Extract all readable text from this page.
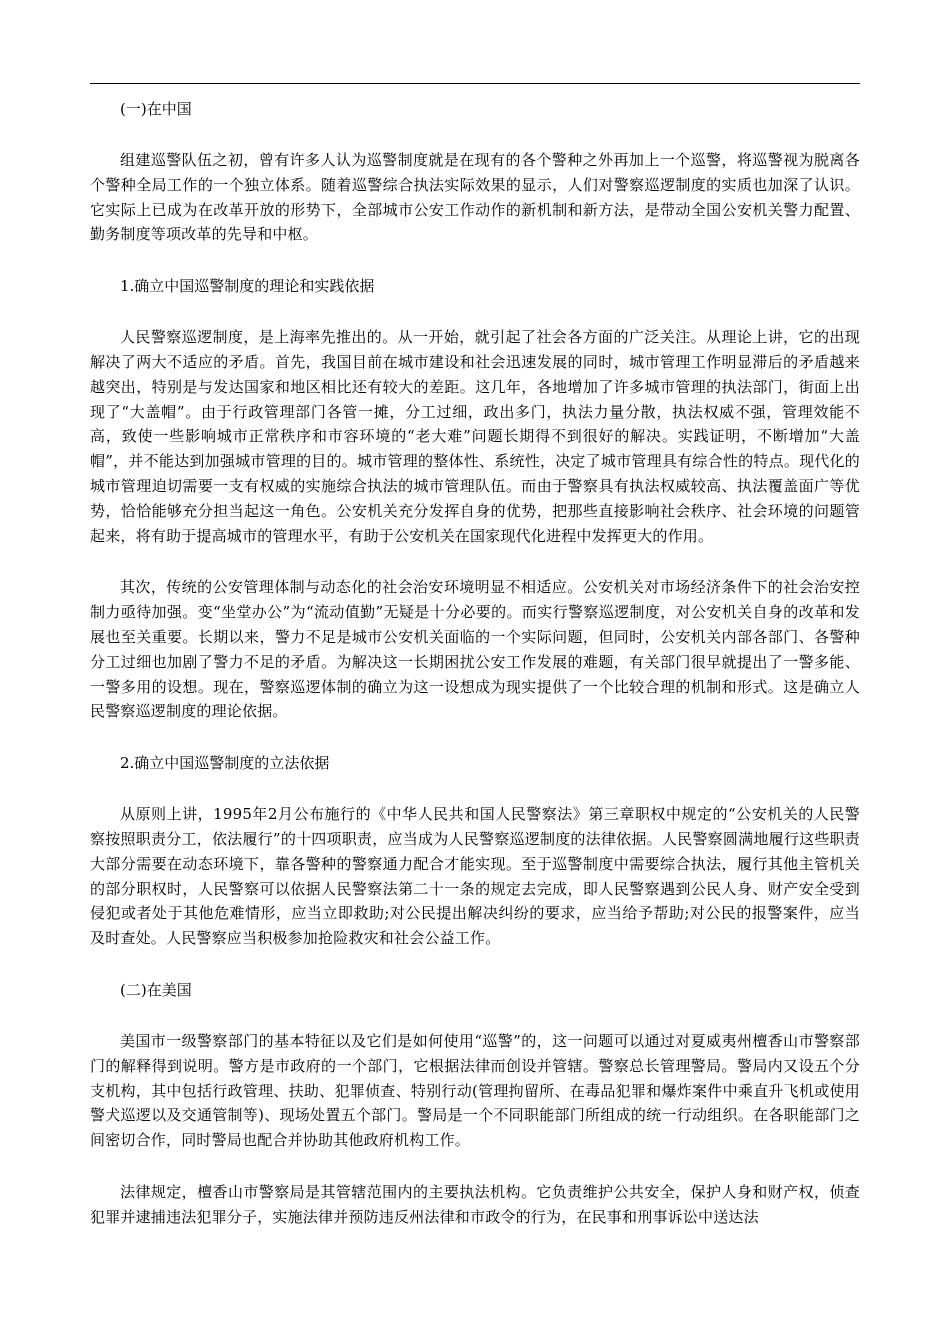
(一)在中国

组建巡警队伍之初，曾有许多人认为巡警制度就是在现有的各个警种之外再加上一个巡警，将巡警视为脱离各个警种全局工作的一个独立体系。随着巡警综合执法实际效果的显示，人们对警察巡逻制度的实质也加深了认识。它实际上已成为在改革开放的形势下，全部城市公安工作动作的新机制和新方法，是带动全国公安机关警力配置、勤务制度等项改革的先导和中枢。

1.确立中国巡警制度的理论和实践依据

人民警察巡逻制度，是上海率先推出的。从一开始，就引起了社会各方面的广泛关注。从理论上讲，它的出现解决了两大不适应的矛盾。首先，我国目前在城市建设和社会迅速发展的同时，城市管理工作明显滞后的矛盾越来越突出，特别是与发达国家和地区相比还有较大的差距。这几年，各地增加了许多城市管理的执法部门，街面上出现了“大盖帽”。由于行政管理部门各管一摊，分工过细，政出多门，执法力量分散，执法权威不强，管理效能不高，致使一些影响城市正常秩序和市容环境的“老大难”问题长期得不到很好的解决。实践证明，不断增加“大盖帽”，并不能达到加强城市管理的目的。城市管理的整体性、系统性，决定了城市管理具有综合性的特点。现代化的城市管理迫切需要一支有权威的实施综合执法的城市管理队伍。而由于警察具有执法权威较高、执法覆盖面广等优势，恰恰能够充分担当起这一角色。公安机关充分发挥自身的优势，把那些直接影响社会秩序、社会环境的问题管起来，将有助于提高城市的管理水平，有助于公安机关在国家现代化进程中发挥更大的作用。

其次，传统的公安管理体制与动态化的社会治安环境明显不相适应。公安机关对市场经济条件下的社会治安控制力亟待加强。变“坐堂办公”为“流动值勤”无疑是十分必要的。而实行警察巡逻制度，对公安机关自身的改革和发展也至关重要。长期以来，警力不足是城市公安机关面临的一个实际问题，但同时，公安机关内部各部门、各警种分工过细也加剧了警力不足的矛盾。为解决这一长期困扰公安工作发展的难题，有关部门很早就提出了一警多能、一警多用的设想。现在，警察巡逻体制的确立为这一设想成为现实提供了一个比较合理的机制和形式。这是确立人民警察巡逻制度的理论依据。

2.确立中国巡警制度的立法依据

从原则上讲，1995年2月公布施行的《中华人民共和国人民警察法》第三章职权中规定的“公安机关的人民警察按照职责分工，依法履行”的十四项职责，应当成为人民警察巡逻制度的法律依据。人民警察圆满地履行这些职责大部分需要在动态环境下，靠各警种的警察通力配合才能实现。至于巡警制度中需要综合执法，履行其他主管机关的部分职权时，人民警察可以依据人民警察法第二十一条的规定去完成，即人民警察遇到公民人身、财产安全受到侵犯或者处于其他危难情形，应当立即救助;对公民提出解决纠纷的要求，应当给予帮助;对公民的报警案件，应当及时查处。人民警察应当积极参加抢险救灾和社会公益工作。

(二)在美国

美国市一级警察部门的基本特征以及它们是如何使用“巡警”的，这一问题可以通过对夏威夷州檀香山市警察部门的解释得到说明。警方是市政府的一个部门，它根据法律而创设并管辖。警察总长管理警局。警局内又设五个分支机构，其中包括行政管理、扶助、犯罪侦查、特别行动(管理拘留所、在毒品犯罪和爆炸案件中乘直升飞机或使用警犬巡逻以及交通管制等)、现场处置五个部门。警局是一个不同职能部门所组成的统一行动组织。在各职能部门之间密切合作，同时警局也配合并协助其他政府机构工作。

法律规定，檀香山市警察局是其管辖范围内的主要执法机构。它负责维护公共安全，保护人身和财产权，侦查犯罪并逮捕违法犯罪分子，实施法律并预防违反州法律和市政令的行为，在民事和刑事诉讼中送达法
